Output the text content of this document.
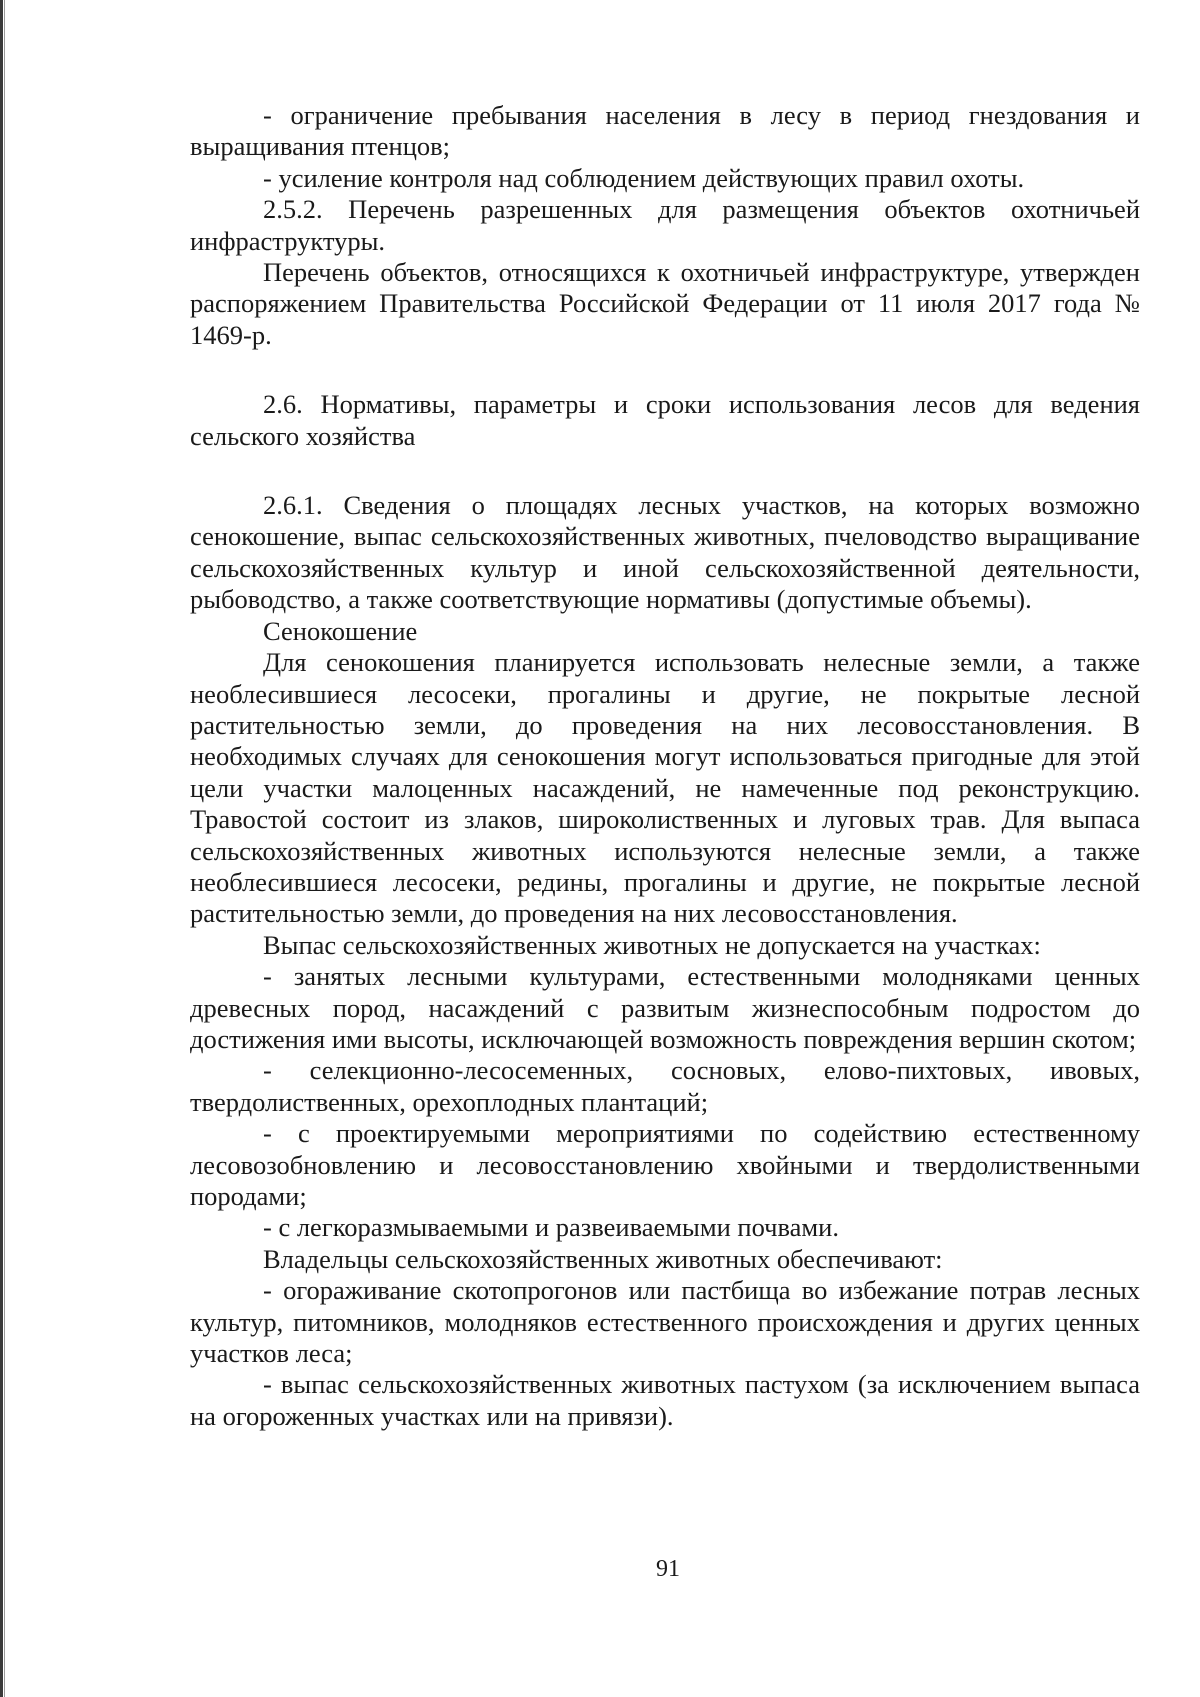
- ограничение пребывания населения в лесу в период гнездования и выращивания птенцов;

- усиление контроля над соблюдением действующих правил охоты.

2.5.2. Перечень разрешенных для размещения объектов охотничьей инфраструктуры.

Перечень объектов, относящихся к охотничьей инфраструктуре, утвержден распоряжением Правительства Российской Федерации от 11 июля 2017 года № 1469-р.

2.6. Нормативы, параметры и сроки использования лесов для ведения сельского хозяйства

2.6.1. Сведения о площадях лесных участков, на которых возможно сенокошение, выпас сельскохозяйственных животных, пчеловодство выращивание сельскохозяйственных культур и иной сельскохозяйственной деятельности, рыбоводство, а также соответствующие нормативы (допустимые объемы).

Сенокошение

Для сенокошения планируется использовать нелесные земли, а также необлесившиеся лесосеки, прогалины и другие, не покрытые лесной растительностью земли, до проведения на них лесовосстановления. В необходимых случаях для сенокошения могут использоваться пригодные для этой цели участки малоценных насаждений, не намеченные под реконструкцию. Травостой состоит из злаков, широколиственных и луговых трав. Для выпаса сельскохозяйственных животных используются нелесные земли, а также необлесившиеся лесосеки, редины, прогалины и другие, не покрытые лесной растительностью земли, до проведения на них лесовосстановления.

Выпас сельскохозяйственных животных не допускается на участках:

- занятых лесными культурами, естественными молодняками ценных древесных пород, насаждений с развитым жизнеспособным подростом до достижения ими высоты, исключающей возможность повреждения вершин скотом;

- селекционно-лесосеменных, сосновых, елово-пихтовых, ивовых, твердолиственных, орехоплодных плантаций;

- с проектируемыми мероприятиями по содействию естественному лесовозобновлению и лесовосстановлению хвойными и твердолиственными породами;

- с легкоразмываемыми и развеиваемыми почвами.

Владельцы сельскохозяйственных животных обеспечивают:

- огораживание скотопрогонов или пастбища во избежание потрав лесных культур, питомников, молодняков естественного происхождения и других ценных участков леса;

- выпас сельскохозяйственных животных пастухом (за исключением выпаса на огороженных участках или на привязи).

91
